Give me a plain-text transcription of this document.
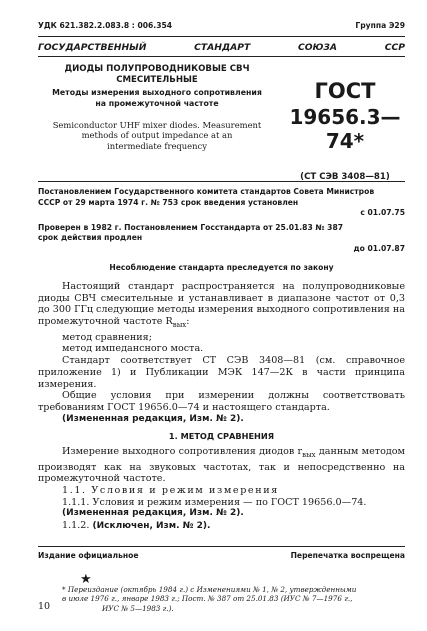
УДК 621.382.2.083.8 : 006.354	Группа Э29
ГОСУДАРСТВЕННЫЙ	СТАНДАРТ	СОЮЗА	ССР
ДИОДЫ ПОЛУПРОВОДНИКОВЫЕ СВЧ
СМЕСИТЕЛЬНЫЕ
Методы измерения выходного сопротивления
на промежуточной частоте
Semiconductor UHF mixer diodes. Measurement
methods of output impedance at an
intermediate frequency
ГОСТ
19656.3—74*
(СТ СЭВ 3408—81)
Постановлением Государственного комитета стандартов Совета Министров
СССР от 29 марта 1974 г. № 753 срок введения установлен
с 01.07.75
Проверен в 1982 г. Постановлением Госстандарта от 25.01.83 № 387
срок действия продлен
до 01.07.87
Несоблюдение стандарта преследуется по закону

Настоящий стандарт распространяется на полупроводниковые диоды СВЧ смесительные и устанавливает в диапазоне частот от 0,3 до 300 ГГц следующие методы измерения выходного сопротивления на промежуточной частоте $R_{вых}$:

метод сравнения;

метод импедансного моста.

Стандарт соответствует СТ СЭВ 3408—81 (см. справочное приложение 1) и Публикации МЭК 147—2К в части принципа измерения.

Общие условия при измерении должны соответствовать требованиям ГОСТ 19656.0—74 и настоящего стандарта.

(Измененная редакция, Изм. № 2).

1. МЕТОД СРАВНЕНИЯ

Измерение выходного сопротивления диодов $r_{вых}$ данным методом производят как на звуковых частотах, так и непосредственно на промежуточной частоте.

1.1. Условия и режим измерения

1.1.1. Условия и режим измерения — по ГОСТ 19656.0—74.

(Измененная редакция, Изм. № 2).

1.1.2. (Исключен, Изм. № 2).

Издание официальное	Перепечатка воспрещена
★

* Переиздание (октябрь 1984 г.) с Изменениями № 1, № 2, утвержденными

в июле 1976 г., январе 1983 г.; Пост. № 387 от 25.01.83 (ИУС № 7—1976 г.,

ИУС № 5—1983 г.).

10
